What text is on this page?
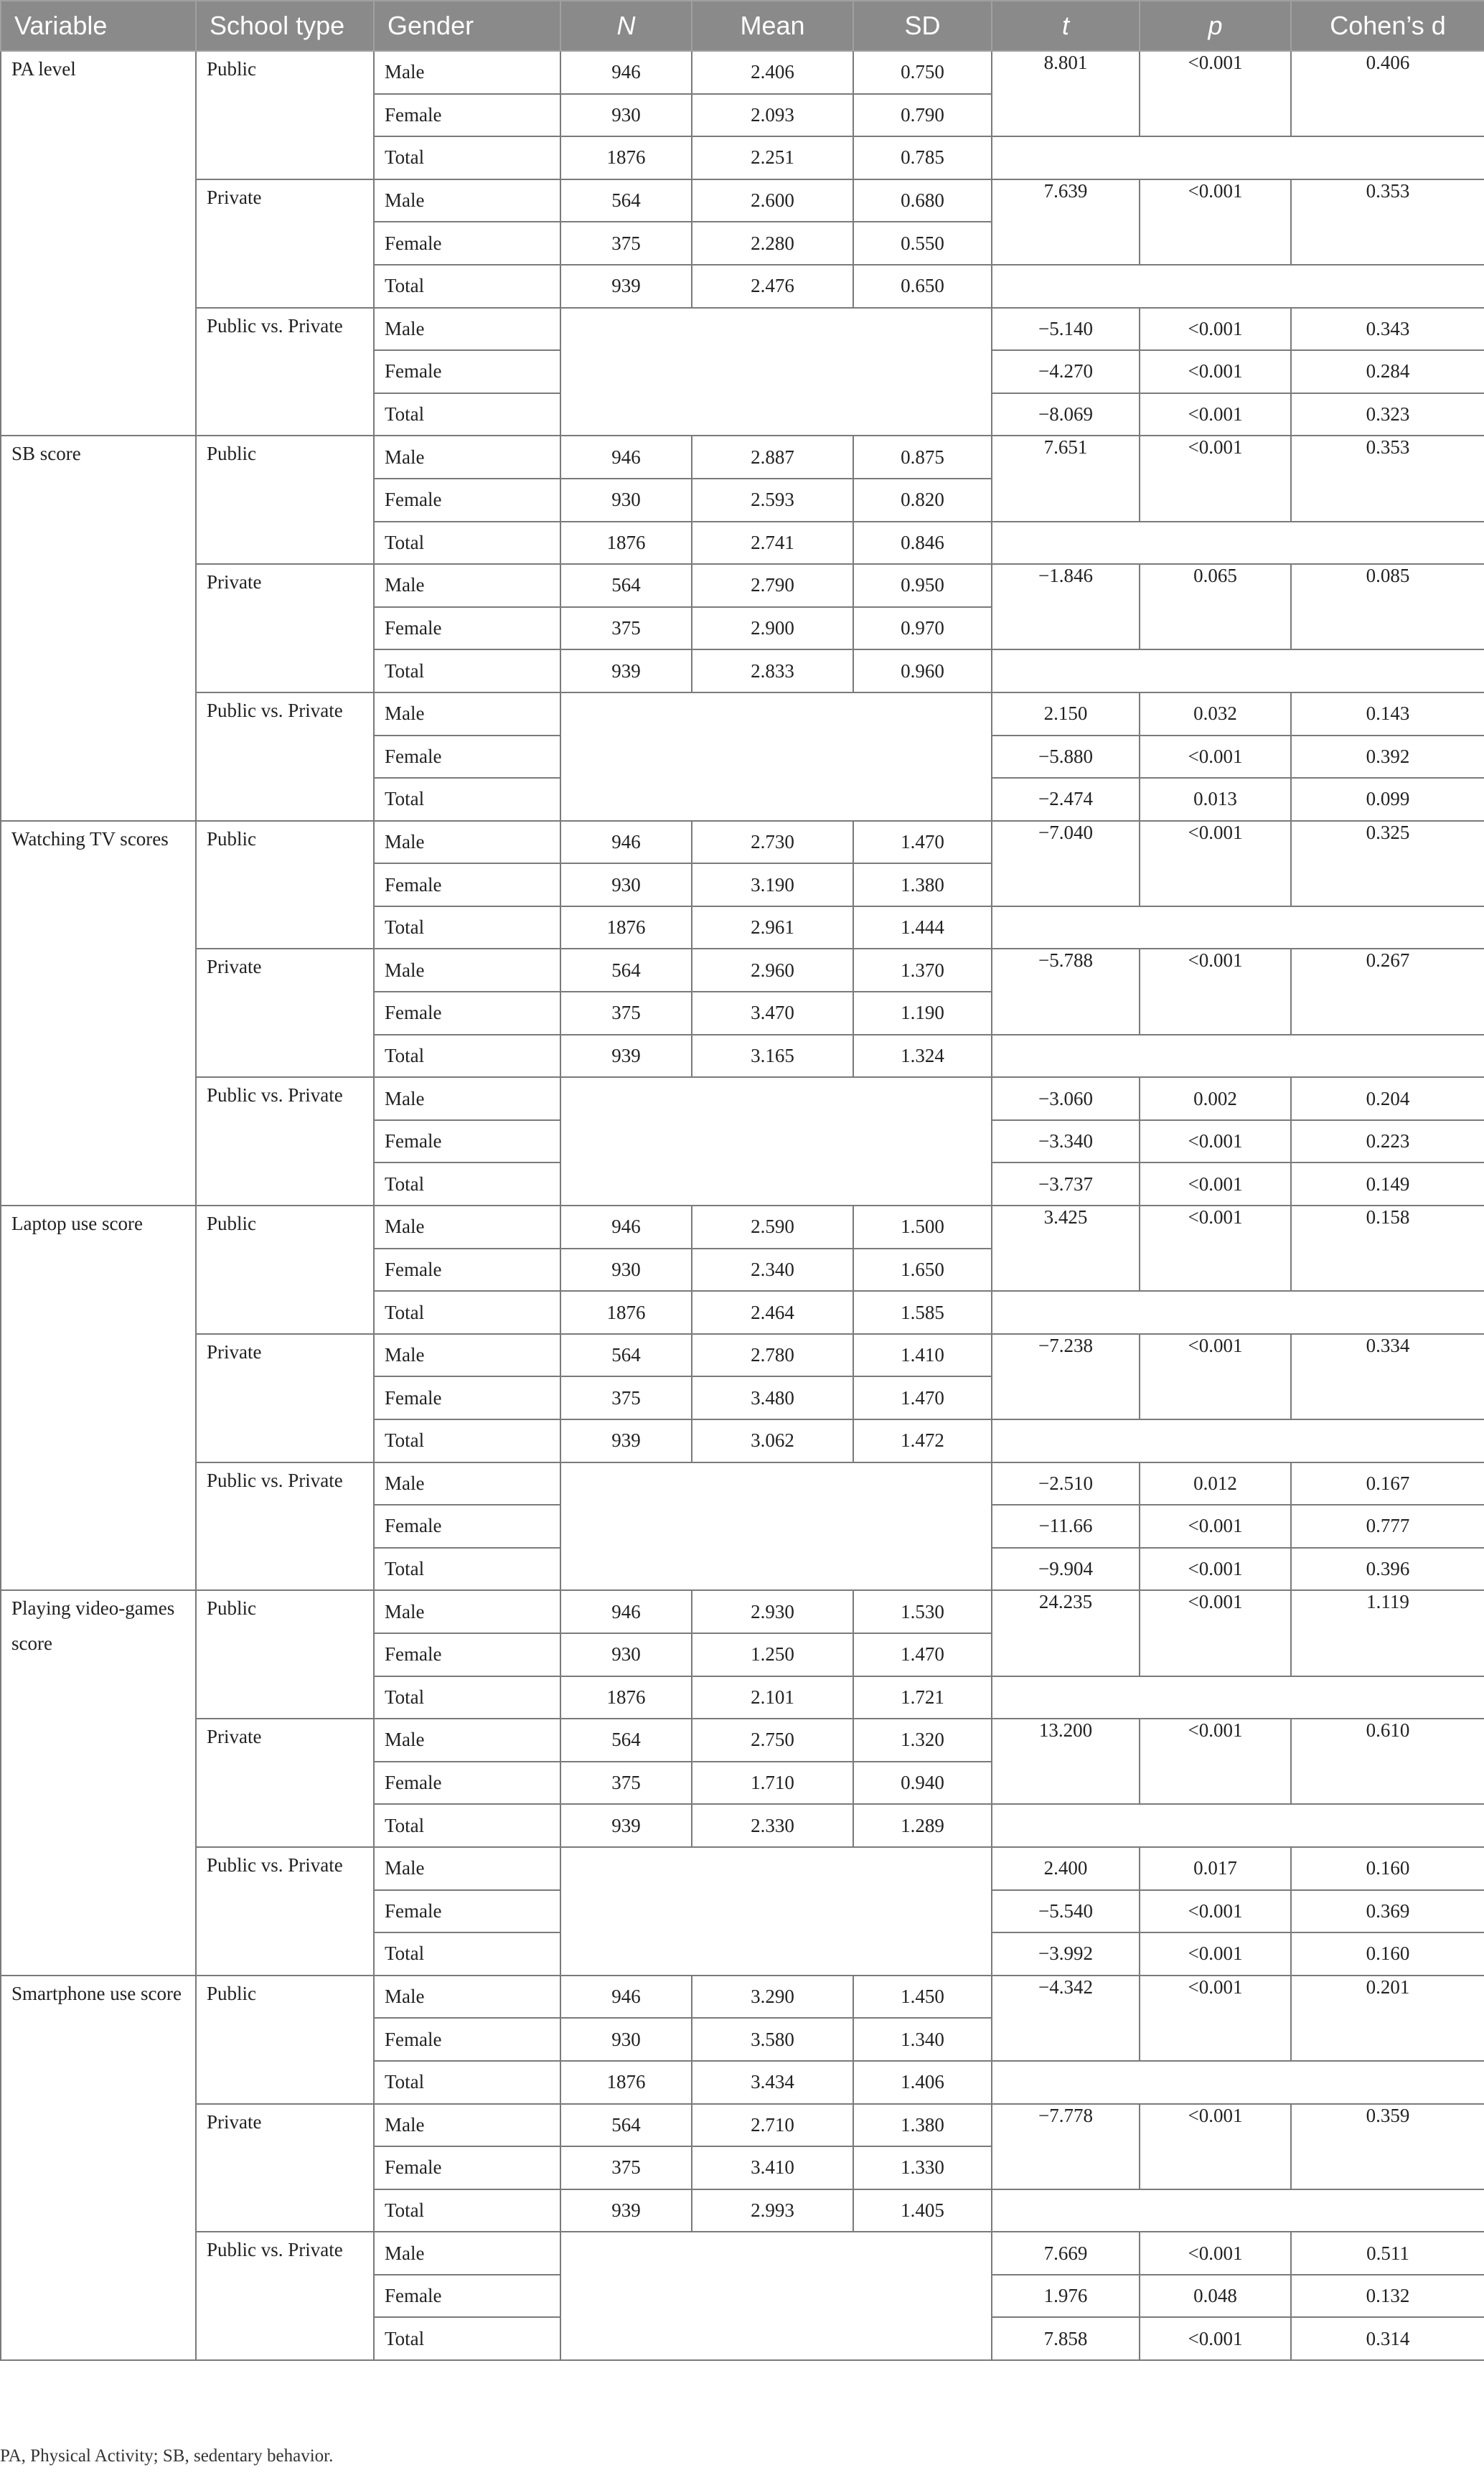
Variable	School type	Gender	N	Mean	SD	t	p	Cohen’s d
PA level	Public	Male	946	2.406	0.750	8.801	<0.001	0.406
		Female	930	2.093	0.790			
		Total	1876	2.251	0.785			
	Private	Male	564	2.600	0.680	7.639	<0.001	0.353
		Female	375	2.280	0.550			
		Total	939	2.476	0.650			
	Public vs. Private	Male				−5.140	<0.001	0.343
		Female				−4.270	<0.001	0.284
		Total				−8.069	<0.001	0.323
SB score	Public	Male	946	2.887	0.875	7.651	<0.001	0.353
		Female	930	2.593	0.820			
		Total	1876	2.741	0.846			
	Private	Male	564	2.790	0.950	−1.846	0.065	0.085
		Female	375	2.900	0.970			
		Total	939	2.833	0.960			
	Public vs. Private	Male				2.150	0.032	0.143
		Female				−5.880	<0.001	0.392
		Total				−2.474	0.013	0.099
Watching TV scores	Public	Male	946	2.730	1.470	−7.040	<0.001	0.325
		Female	930	3.190	1.380			
		Total	1876	2.961	1.444			
	Private	Male	564	2.960	1.370	−5.788	<0.001	0.267
		Female	375	3.470	1.190			
		Total	939	3.165	1.324			
	Public vs. Private	Male				−3.060	0.002	0.204
		Female				−3.340	<0.001	0.223
		Total				−3.737	<0.001	0.149
Laptop use score	Public	Male	946	2.590	1.500	3.425	<0.001	0.158
		Female	930	2.340	1.650			
		Total	1876	2.464	1.585			
	Private	Male	564	2.780	1.410	−7.238	<0.001	0.334
		Female	375	3.480	1.470			
		Total	939	3.062	1.472			
	Public vs. Private	Male				−2.510	0.012	0.167
		Female				−11.66	<0.001	0.777
		Total				−9.904	<0.001	0.396
Playing video-games score	Public	Male	946	2.930	1.530	24.235	<0.001	1.119
		Female	930	1.250	1.470			
		Total	1876	2.101	1.721			
	Private	Male	564	2.750	1.320	13.200	<0.001	0.610
		Female	375	1.710	0.940			
		Total	939	2.330	1.289			
	Public vs. Private	Male				2.400	0.017	0.160
		Female				−5.540	<0.001	0.369
		Total				−3.992	<0.001	0.160
Smartphone use score	Public	Male	946	3.290	1.450	−4.342	<0.001	0.201
		Female	930	3.580	1.340			
		Total	1876	3.434	1.406			
	Private	Male	564	2.710	1.380	−7.778	<0.001	0.359
		Female	375	3.410	1.330			
		Total	939	2.993	1.405			
	Public vs. Private	Male				7.669	<0.001	0.511
		Female				1.976	0.048	0.132
		Total				7.858	<0.001	0.314
PA, Physical Activity; SB, sedentary behavior.
